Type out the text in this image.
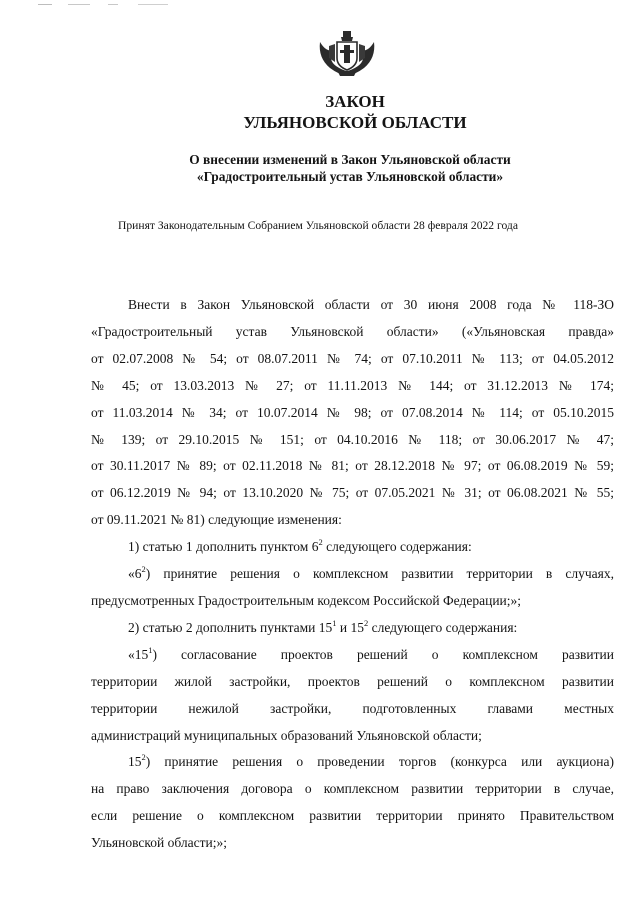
ЗАКОН
УЛЬЯНОВСКОЙ ОБЛАСТИ
О внесении изменений в Закон Ульяновской области
«Градостроительный устав Ульяновской области»
Принят Законодательным Собранием Ульяновской области 28 февраля 2022 года
Внести в Закон Ульяновской области от 30 июня 2008 года № 118-ЗО
«Градостроительный устав Ульяновской области» («Ульяновская правда»
от 02.07.2008 № 54; от 08.07.2011 № 74; от 07.10.2011 № 113; от 04.05.2012
№ 45; от 13.03.2013 № 27; от 11.11.2013 № 144; от 31.12.2013 № 174;
от 11.03.2014 № 34; от 10.07.2014 № 98; от 07.08.2014 № 114; от 05.10.2015
№ 139; от 29.10.2015 № 151; от 04.10.2016 № 118; от 30.06.2017 № 47;
от 30.11.2017 № 89; от 02.11.2018 № 81; от 28.12.2018 № 97; от 06.08.2019 № 59;
от 06.12.2019 № 94; от 13.10.2020 № 75; от 07.05.2021 № 31; от 06.08.2021 № 55;
от 09.11.2021 № 81) следующие изменения:
1) статью 1 дополнить пунктом $6^2$ следующего содержания:
«$6^2$) принятие решения о комплексном развитии территории в случаях,
предусмотренных Градостроительным кодексом Российской Федерации;»;
2) статью 2 дополнить пунктами $15^1$ и $15^2$ следующего содержания:
«$15^1$) согласование проектов решений о комплексном развитии
территории жилой застройки, проектов решений о комплексном развитии
территории нежилой застройки, подготовленных главами местных
администраций муниципальных образований Ульяновской области;
$15^2$) принятие решения о проведении торгов (конкурса или аукциона)
на право заключения договора о комплексном развитии территории в случае,
если решение о комплексном развитии территории принято Правительством
Ульяновской области;»;
